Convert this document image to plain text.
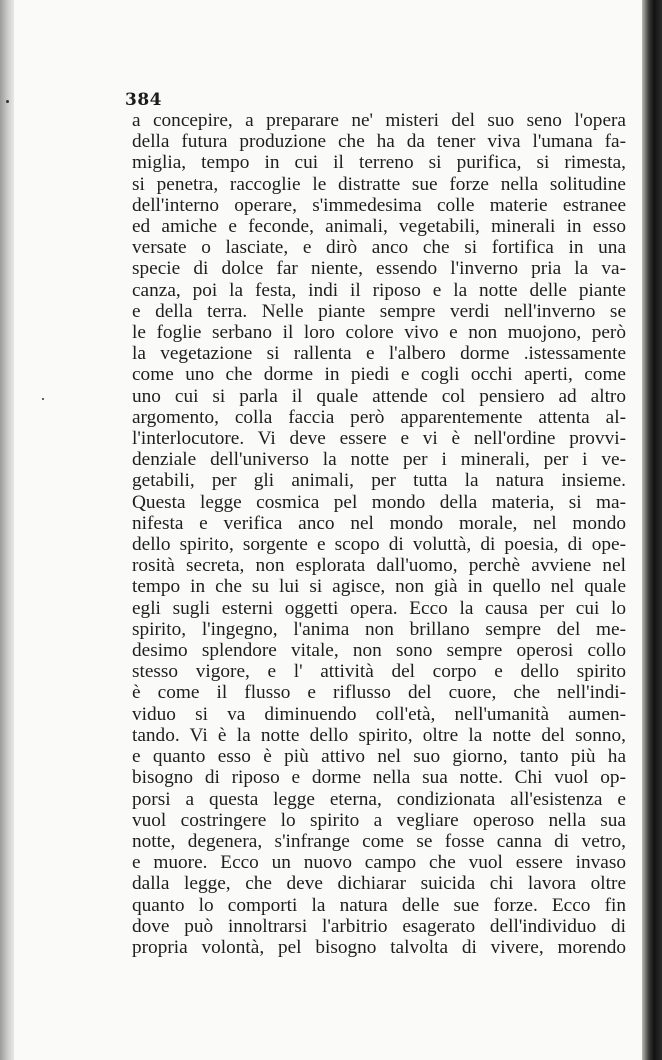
384
a concepire, a preparare ne' misteri del suo seno l'opera
della futura produzione che ha da tener viva l'umana fa-
miglia, tempo in cui il terreno si purifica, si rimesta,
si penetra, raccoglie le distratte sue forze nella solitudine
dell'interno operare, s'immedesima colle materie estranee
ed amiche e feconde, animali, vegetabili, minerali in esso
versate o lasciate, e dirò anco che si fortifica in una
specie di dolce far niente, essendo l'inverno pria la va-
canza, poi la festa, indi il riposo e la notte delle piante
e della terra. Nelle piante sempre verdi nell'inverno se
le foglie serbano il loro colore vivo e non muojono, però
la vegetazione si rallenta e l'albero dorme .istessamente
come uno che dorme in piedi e cogli occhi aperti, come
uno cui si parla il quale attende col pensiero ad altro
argomento, colla faccia però apparentemente attenta al-
l'interlocutore. Vi deve essere e vi è nell'ordine provvi-
denziale dell'universo la notte per i minerali, per i ve-
getabili, per gli animali, per tutta la natura insieme.
Questa legge cosmica pel mondo della materia, si ma-
nifesta e verifica anco nel mondo morale, nel mondo
dello spirito, sorgente e scopo di voluttà, di poesia, di ope-
rosità secreta, non esplorata dall'uomo, perchè avviene nel
tempo in che su lui si agisce, non già in quello nel quale
egli sugli esterni oggetti opera. Ecco la causa per cui lo
spirito, l'ingegno, l'anima non brillano sempre del me-
desimo splendore vitale, non sono sempre operosi collo
stesso vigore, e l' attività del corpo e dello spirito
è come il flusso e riflusso del cuore, che nell'indi-
viduo si va diminuendo coll'età, nell'umanità aumen-
tando. Vi è la notte dello spirito, oltre la notte del sonno,
e quanto esso è più attivo nel suo giorno, tanto più ha
bisogno di riposo e dorme nella sua notte. Chi vuol op-
porsi a questa legge eterna, condizionata all'esistenza e
vuol costringere lo spirito a vegliare operoso nella sua
notte, degenera, s'infrange come se fosse canna di vetro,
e muore. Ecco un nuovo campo che vuol essere invaso
dalla legge, che deve dichiarar suicida chi lavora oltre
quanto lo comporti la natura delle sue forze. Ecco fin
dove può innoltrarsi l'arbitrio esagerato dell'individuo di
propria volontà, pel bisogno talvolta di vivere, morendo
